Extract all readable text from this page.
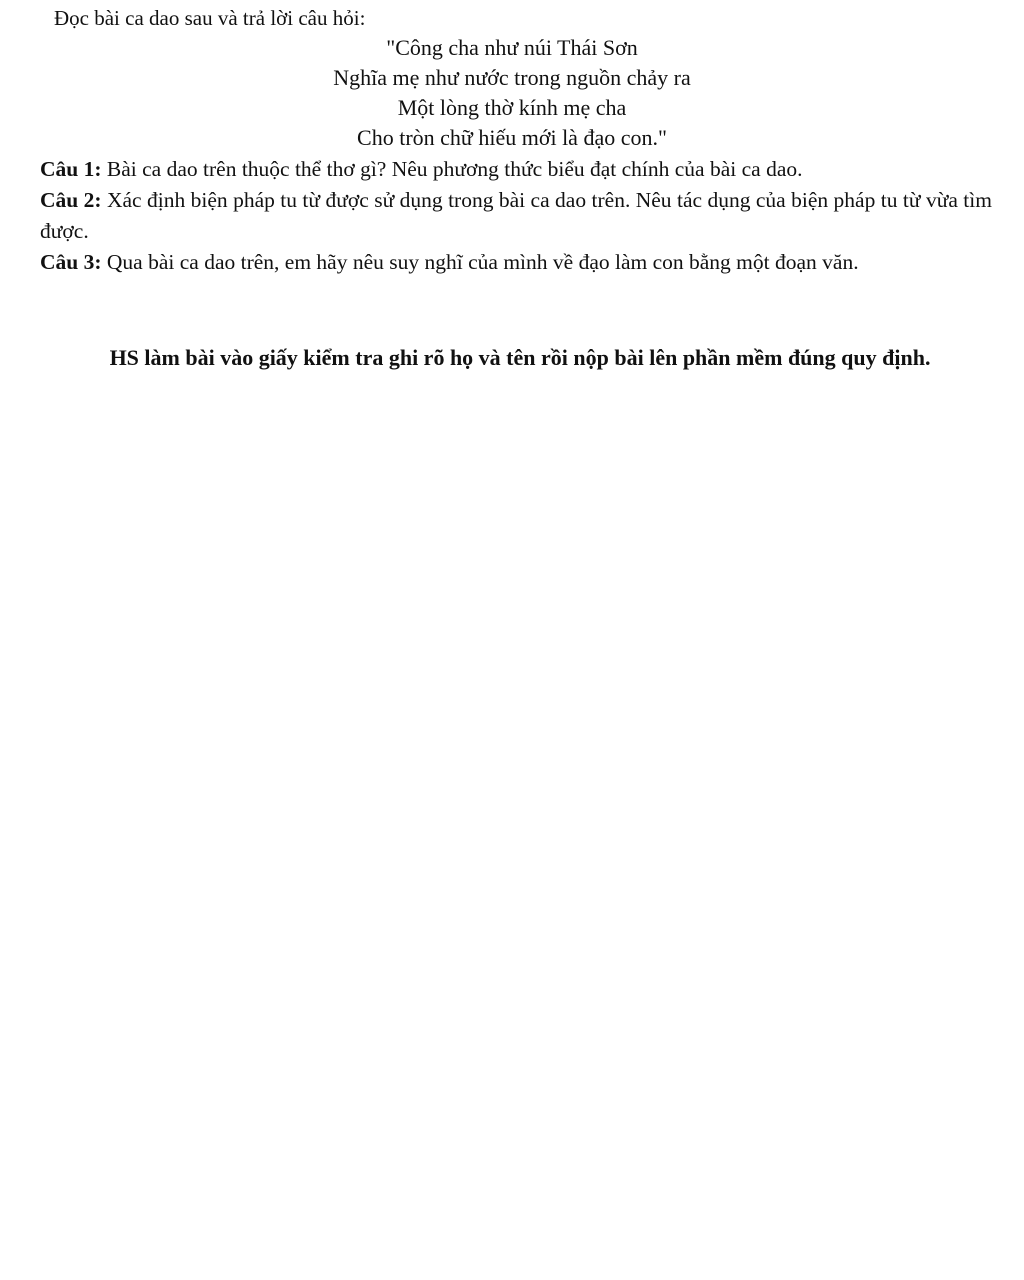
Đọc bài ca dao sau và trả lời câu hỏi:
"Công cha như núi Thái Sơn
Nghĩa mẹ như nước trong nguồn chảy ra
Một lòng thờ kính mẹ cha
Cho tròn chữ hiếu mới là đạo con."

Câu 1: Bài ca dao trên thuộc thể thơ gì? Nêu phương thức biểu đạt chính của bài ca dao.

Câu 2: Xác định biện pháp tu từ được sử dụng trong bài ca dao trên. Nêu tác dụng của biện pháp tu từ vừa tìm được.

Câu 3: Qua bài ca dao trên, em hãy nêu suy nghĩ của mình về đạo làm con bằng một đoạn văn.

HS làm bài vào giấy kiểm tra ghi rõ họ và tên rồi nộp bài lên phần mềm đúng quy định.
